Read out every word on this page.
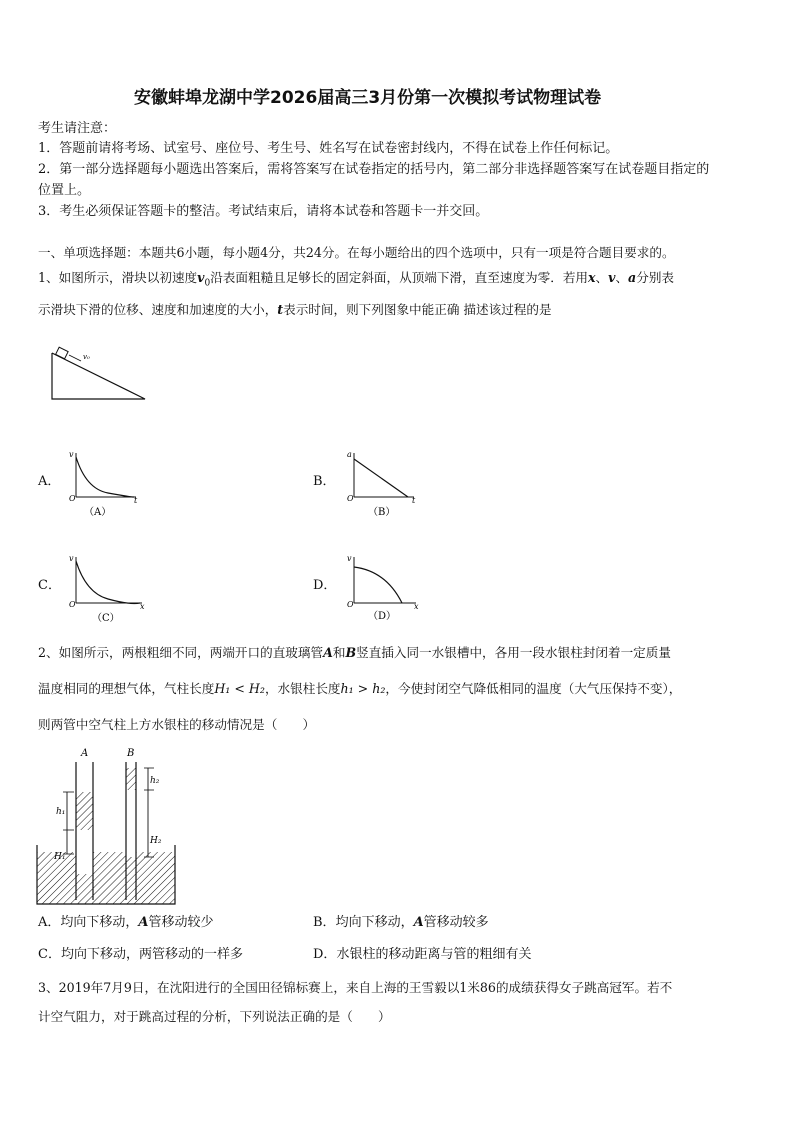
安徽蚌埠龙湖中学2026届高三3月份第一次模拟考试物理试卷
考生请注意：
1．答题前请将考场、试室号、座位号、考生号、姓名写在试卷密封线内，不得在试卷上作任何标记。
2．第一部分选择题每小题选出答案后，需将答案写在试卷指定的括号内，第二部分非选择题答案写在试卷题目指定的
位置上。
3．考生必须保证答题卡的整洁。考试结束后，请将本试卷和答题卡一并交回。
一、单项选择题：本题共6小题，每小题4分，共24分。在每小题给出的四个选项中，只有一项是符合题目要求的。
1、如图所示，滑块以初速度$v_0$沿表面粗糙且足够长的固定斜面，从顶端下滑，直至速度为零．若用x、v、a分别表
示滑块下滑的位移、速度和加速度的大小，t表示时间，则下列图象中能正确 描述该过程的是
v₀
A．
v
t
O
（A）
B．
a
t
O
（B）
C．
v
x
O
（C）
D．
v
x
O
（D）
2、如图所示，两根粗细不同，两端开口的直玻璃管A和B竖直插入同一水银槽中，各用一段水银柱封闭着一定质量
温度相同的理想气体，气柱长度H₁ < H₂，水银柱长度h₁ > h₂，今使封闭空气降低相同的温度（大气压保持不变），
则两管中空气柱上方水银柱的移动情况是（　　）
A	B
h₁
H₁
h₂
H₂
A．均向下移动，A管移动较少	B．均向下移动，A管移动较多
C．均向下移动，两管移动的一样多	D．水银柱的移动距离与管的粗细有关
3、2019年7月9日，在沈阳进行的全国田径锦标赛上，来自上海的王雪毅以1米86的成绩获得女子跳高冠军。若不
计空气阻力，对于跳高过程的分析，下列说法正确的是（　　）
